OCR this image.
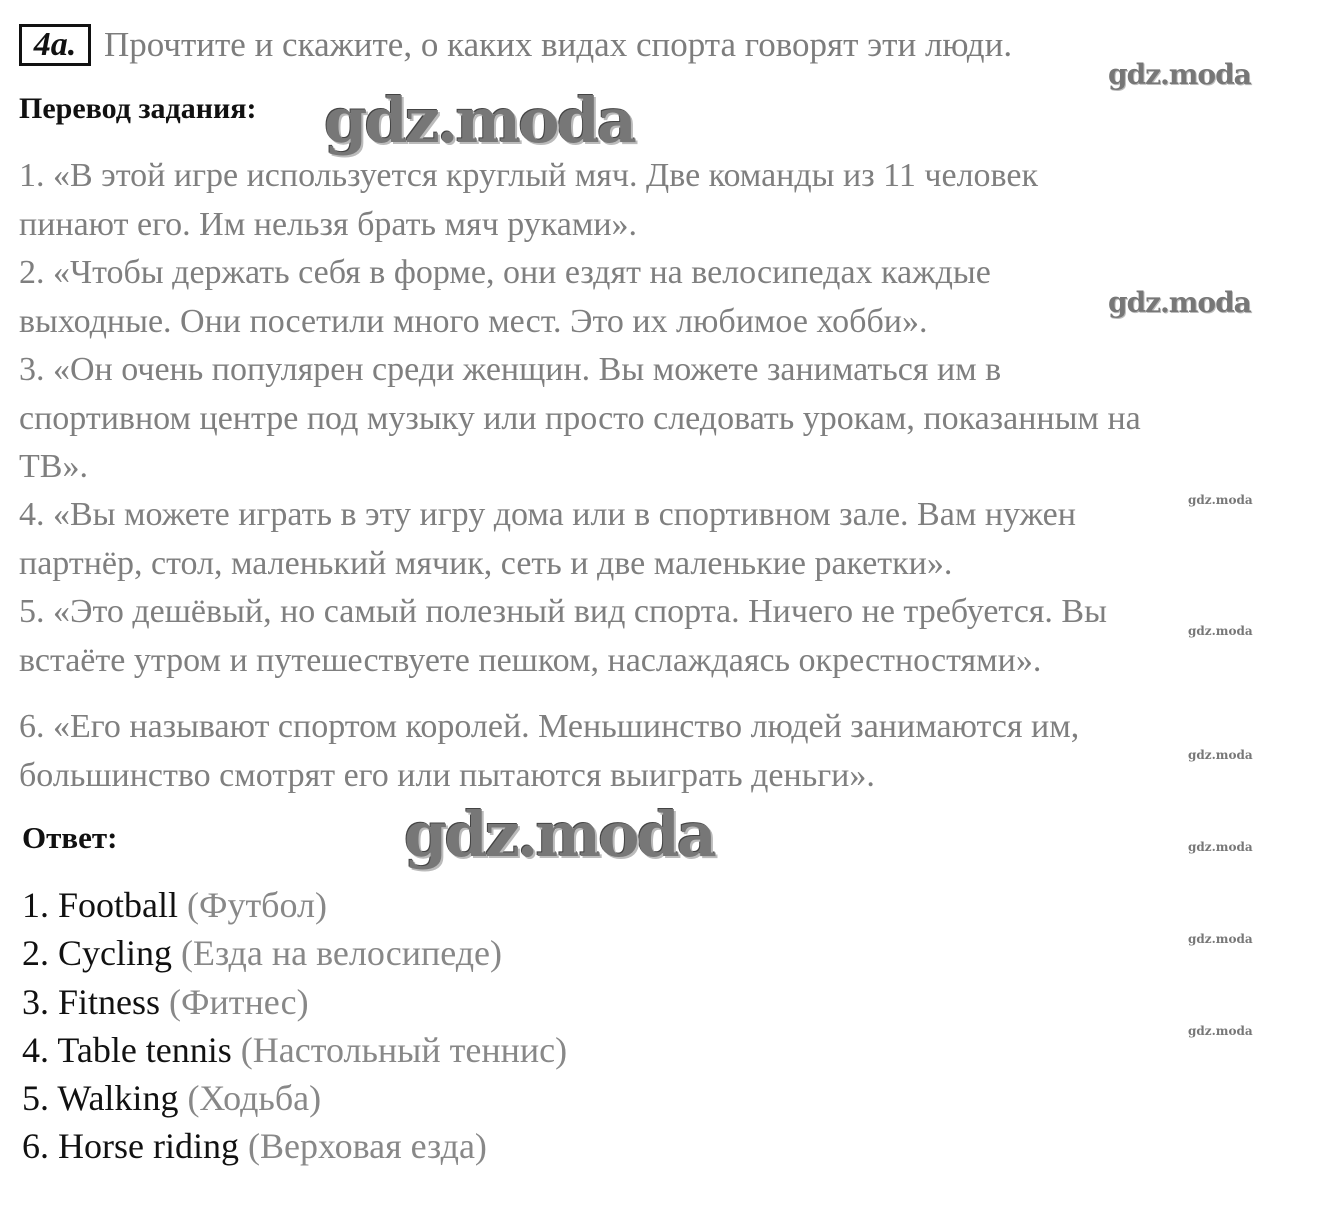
4a. Прочтите и скажите, о каких видах спорта говорят эти люди.
Перевод задания:
1. «В этой игре используется круглый мяч. Две команды из 11 человек
пинают его. Им нельзя брать мяч руками».
2. «Чтобы держать себя в форме, они ездят на велосипедах каждые
выходные. Они посетили много мест. Это их любимое хобби».
3. «Он очень популярен среди женщин. Вы можете заниматься им в
спортивном центре под музыку или просто следовать урокам, показанным на
ТВ».
4. «Вы можете играть в эту игру дома или в спортивном зале. Вам нужен
партнёр, стол, маленький мячик, сеть и две маленькие ракетки».
5. «Это дешёвый, но самый полезный вид спорта. Ничего не требуется. Вы
встаёте утром и путешествуете пешком, наслаждаясь окрестностями».
6. «Его называют спортом королей. Меньшинство людей занимаются им,
большинство смотрят его или пытаются выиграть деньги».
Ответ:
1. Football (Футбол)
2. Cycling (Езда на велосипеде)
3. Fitness (Фитнес)
4. Table tennis (Настольный теннис)
5. Walking (Ходьба)
6. Horse riding (Верховая езда)
gdz.moda
gdz.moda
gdz.moda
gdz.moda
gdz.moda
gdz.moda
gdz.moda
gdz.moda
gdz.moda
gdz.moda
